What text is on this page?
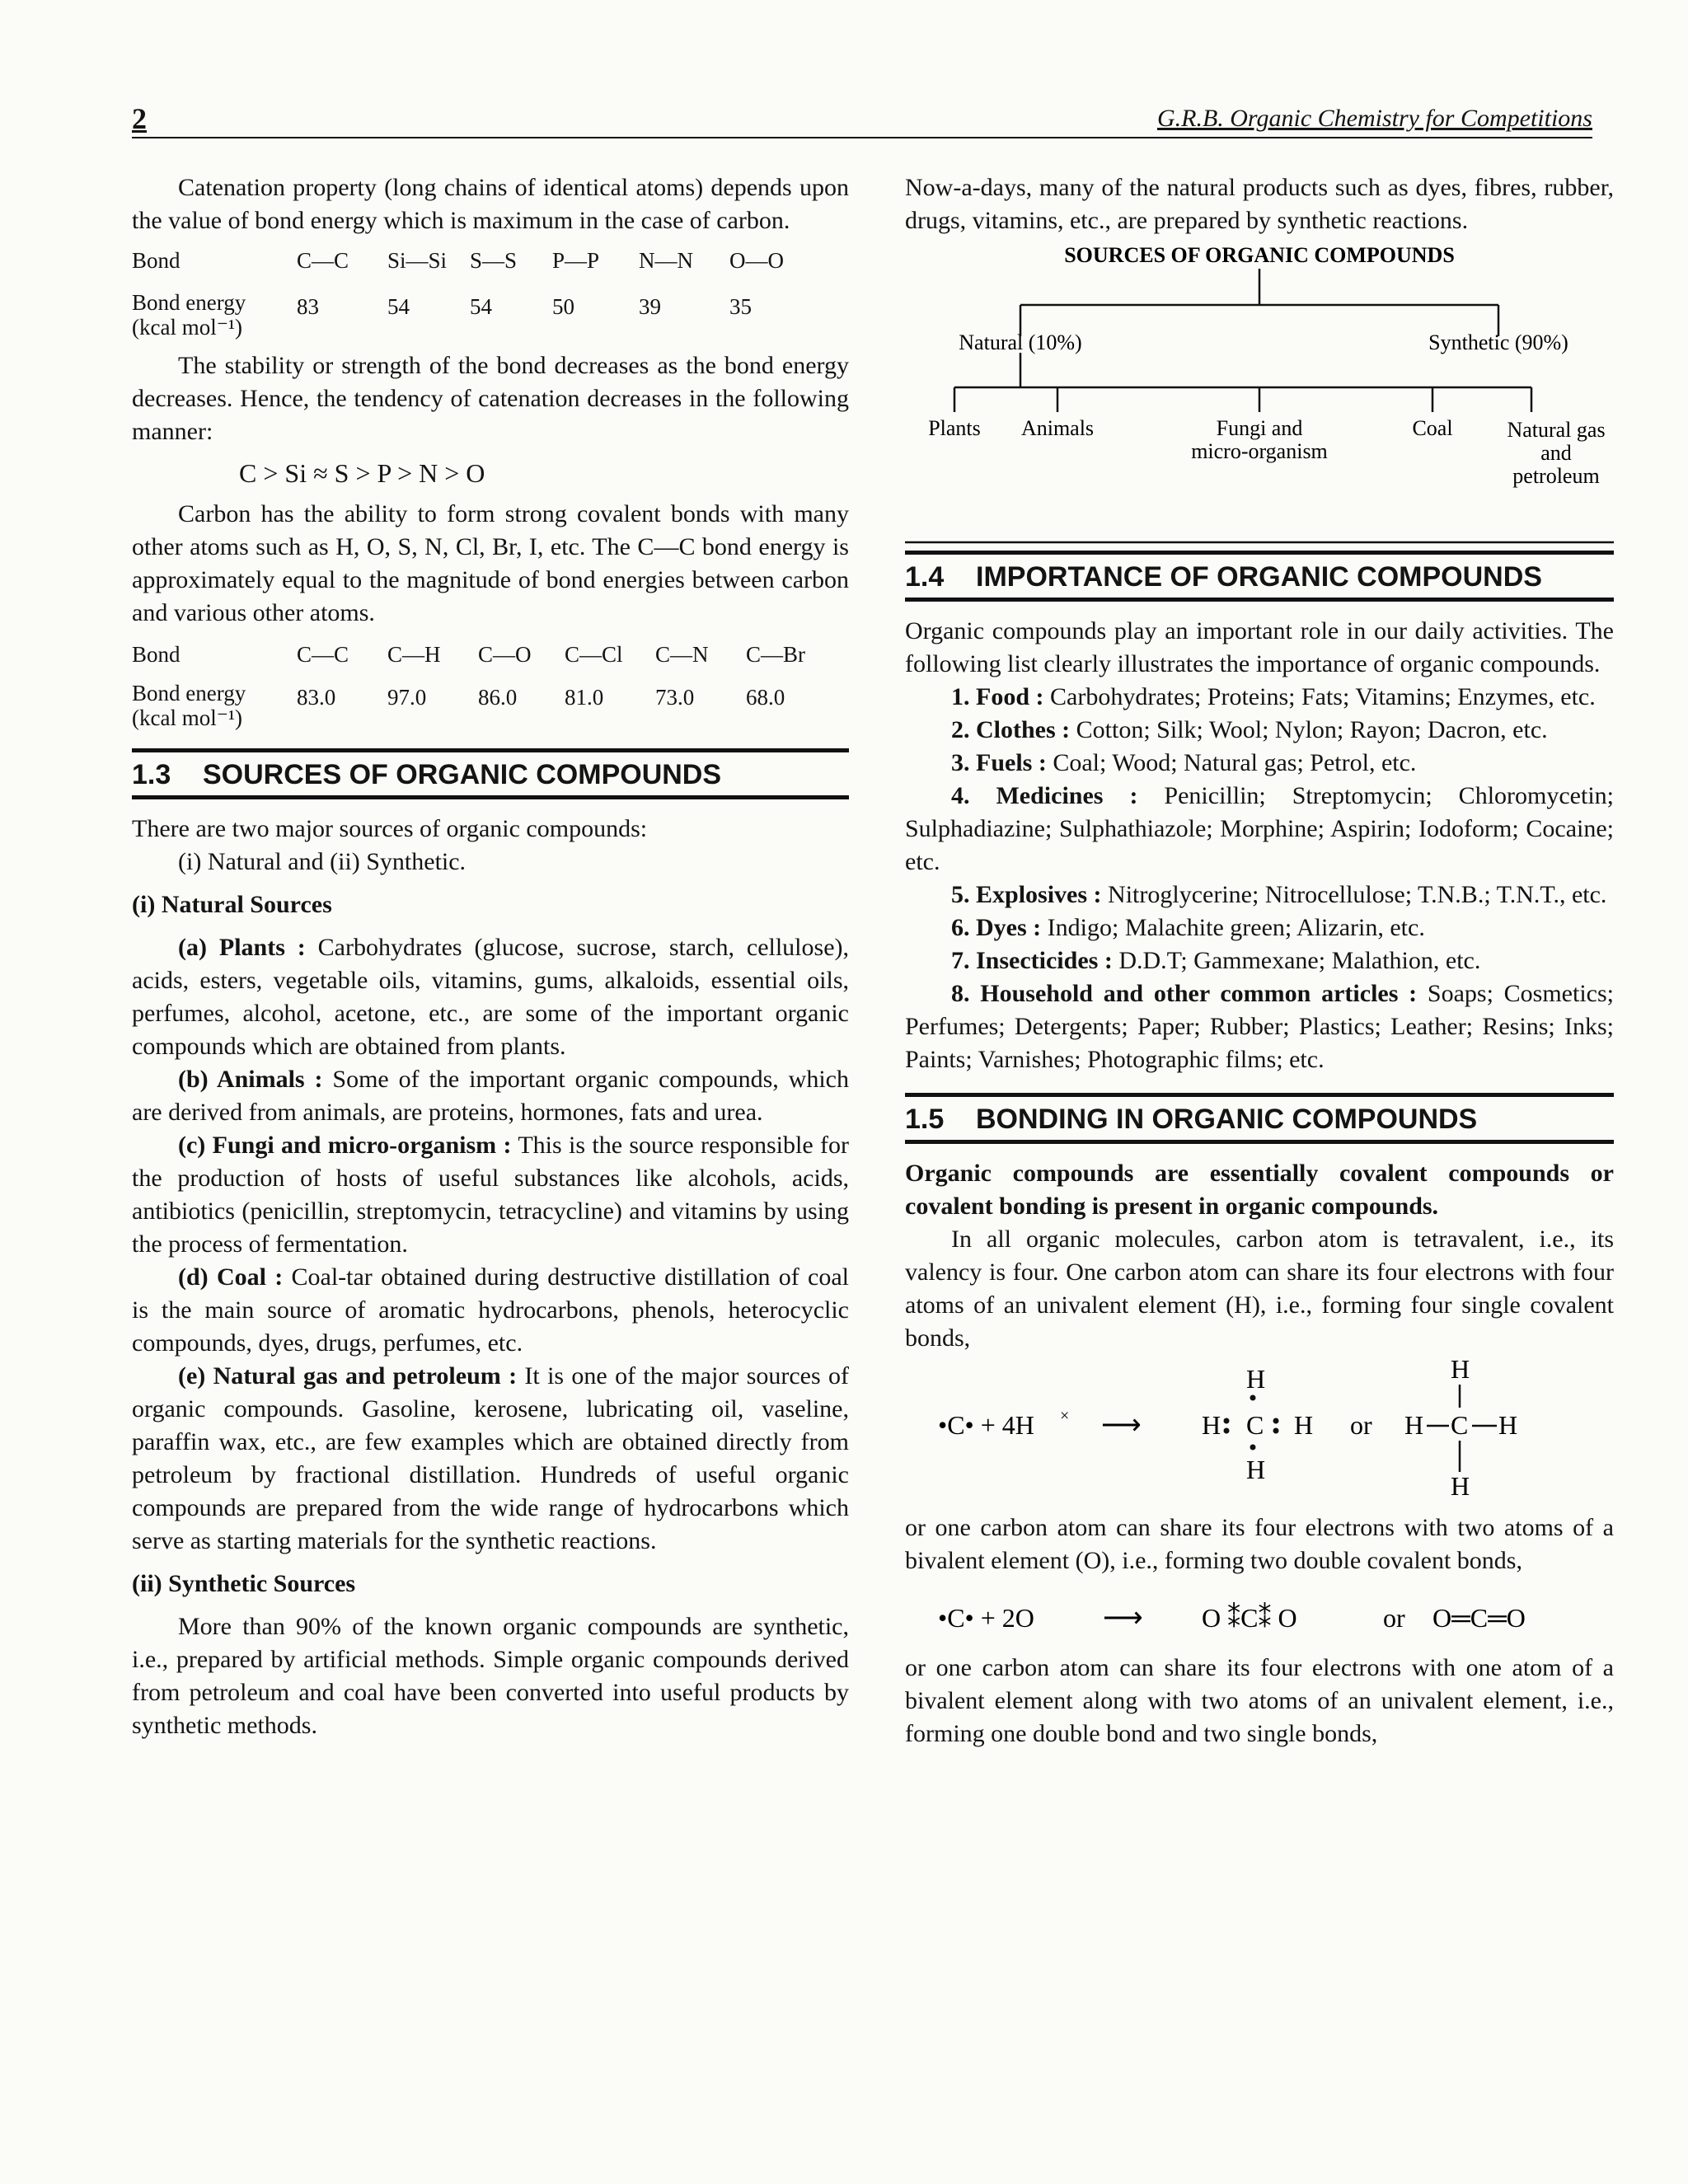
2	G.R.B. Organic Chemistry for Competitions

Catenation property (long chains of identical atoms) depends upon the value of bond energy which is maximum in the case of carbon.

Bond	C—C	Si—Si	S—S	P—P	N—N	O—O
Bond energy
(kcal mol⁻¹)	83	54	54	50	39	35

The stability or strength of the bond decreases as the bond energy decreases. Hence, the tendency of catenation decreases in the following manner:

C > Si ≈ S > P > N > O

Carbon has the ability to form strong covalent bonds with many other atoms such as H, O, S, N, Cl, Br, I, etc. The C—C bond energy is approximately equal to the magnitude of bond energies between carbon and various other atoms.

Bond	C—C	C—H	C—O	C—Cl	C—N	C—Br
Bond energy
(kcal mol⁻¹)	83.0	97.0	86.0	81.0	73.0	68.0
1.3 SOURCES OF ORGANIC COMPOUNDS

There are two major sources of organic compounds:

(i) Natural and (ii) Synthetic.

(i) Natural Sources

(a) Plants : Carbohydrates (glucose, sucrose, starch, cellulose), acids, esters, vegetable oils, vitamins, gums, alkaloids, essential oils, perfumes, alcohol, acetone, etc., are some of the important organic compounds which are obtained from plants.

(b) Animals : Some of the important organic compounds, which are derived from animals, are proteins, hormones, fats and urea.

(c) Fungi and micro-organism : This is the source responsible for the production of hosts of useful substances like alcohols, acids, antibiotics (penicillin, streptomycin, tetracycline) and vitamins by using the process of fermentation.

(d) Coal : Coal-tar obtained during destructive distillation of coal is the main source of aromatic hydrocarbons, phenols, heterocyclic compounds, dyes, drugs, perfumes, etc.

(e) Natural gas and petroleum : It is one of the major sources of organic compounds. Gasoline, kerosene, lubricating oil, vaseline, paraffin wax, etc., are few examples which are obtained directly from petroleum by fractional distillation. Hundreds of useful organic compounds are prepared from the wide range of hydrocarbons which serve as starting materials for the synthetic reactions.

(ii) Synthetic Sources

More than 90% of the known organic compounds are synthetic, i.e., prepared by artificial methods. Simple organic compounds derived from petroleum and coal have been converted into useful products by synthetic methods.

Now-a-days, many of the natural products such as dyes, fibres, rubber, drugs, vitamins, etc., are prepared by synthetic reactions.

SOURCES OF ORGANIC COMPOUNDS
Natural (10%)	Synthetic (90%)
Plants Animals	Fungi and
micro-organism
Coal	Natural gas
and
petroleum
1.4 IMPORTANCE OF ORGANIC COMPOUNDS

Organic compounds play an important role in our daily activities. The following list clearly illustrates the importance of organic compounds.

1. Food : Carbohydrates; Proteins; Fats; Vitamins; Enzymes, etc.

2. Clothes : Cotton; Silk; Wool; Nylon; Rayon; Dacron, etc.

3. Fuels : Coal; Wood; Natural gas; Petrol, etc.

4. Medicines : Penicillin; Streptomycin; Chloromycetin; Sulphadiazine; Sulphathiazole; Morphine; Aspirin; Iodoform; Cocaine; etc.

5. Explosives : Nitroglycerine; Nitrocellulose; T.N.B.; T.N.T., etc.

6. Dyes : Indigo; Malachite green; Alizarin, etc.

7. Insecticides : D.D.T; Gammexane; Malathion, etc.

8. Household and other common articles : Soaps; Cosmetics; Perfumes; Detergents; Paper; Rubber; Plastics; Leather; Resins; Inks; Paints; Varnishes; Photographic films; etc.

1.5 BONDING IN ORGANIC COMPOUNDS

Organic compounds are essentially covalent compounds or covalent bonding is present in organic compounds.

In all organic molecules, carbon atom is tetravalent, i.e., its valency is four. One carbon atom can share its four electrons with four atoms of an univalent element (H), i.e., forming four single covalent bonds,

•C• + 4H × ⟶ H
H
C H
H
or H C H
H
H

or one carbon atom can share its four electrons with two atoms of a bivalent element (O), i.e., forming two double covalent bonds,

•C• + 2O ⟶ O ⁑C⁑ O	or O═C═O

or one carbon atom can share its four electrons with one atom of a bivalent element along with two atoms of an univalent element, i.e., forming one double bond and two single bonds,
